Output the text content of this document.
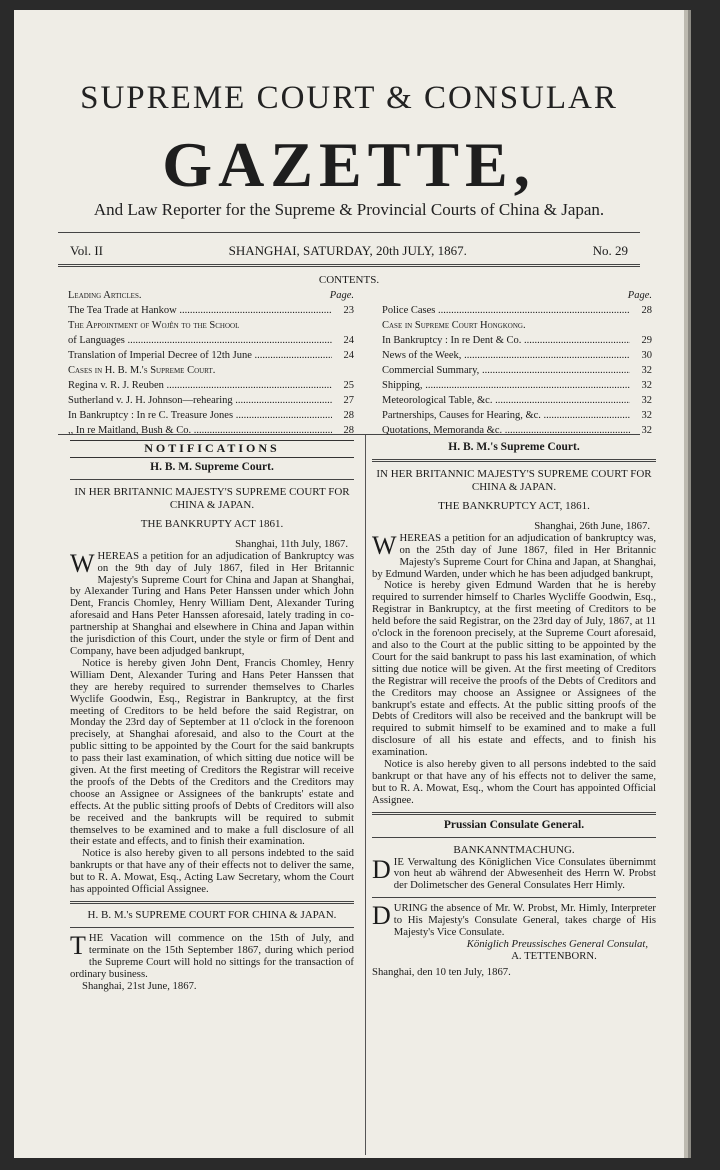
SUPREME COURT & CONSULAR
GAZETTE,
And Law Reporter for the Supreme & Provincial Courts of China & Japan.
Vol. II	SHANGHAI, SATURDAY, 20th JULY, 1867.	No. 29
CONTENTS.
Leading Articles.	Page.
The Tea Trade at Hankow .....	23
The Appointment of Wojên to the School
of Languages .....	24
Translation of Imperial Decree of 12th June .....	24
Cases in H. B. M.'s Supreme Court.
Regina v. R. J. Reuben .....	25
Sutherland v. J. H. Johnson—rehearing .....	27
In Bankruptcy : In re C. Treasure Jones .....	28
,, In re Maitland, Bush & Co. .....	28
Page.
Police Cases .....	28
Case in Supreme Court Hongkong.
In Bankruptcy : In re Dent & Co. .....	29
News of the Week, .....	30
Commercial Summary, .....	32
Shipping, .....	32
Meteorological Table, &c. .....	32
Partnerships, Causes for Hearing, &c. .....	32
Quotations, Memoranda &c. .....	32
NOTIFICATIONS
H. B. M. Supreme Court.
IN HER BRITANNIC MAJESTY'S SUPREME COURT FOR CHINA & JAPAN.
THE BANKRUPTY ACT 1861.
Shanghai, 11th July, 1867.

WHEREAS a petition for an adjudication of Bankruptcy was on the 9th day of July 1867, filed in Her Britannic Majesty's Supreme Court for China and Japan at Shanghai, by Alexander Turing and Hans Peter Hanssen under which John Dent, Francis Chomley, Henry William Dent, Alexander Turing aforesaid and Hans Peter Hanssen aforesaid, lately trading in co-partnership at Shanghai and elsewhere in China and Japan within the jurisdiction of this Court, under the style or firm of Dent and Company, have been adjudged bankrupt,

Notice is hereby given John Dent, Francis Chomley, Henry William Dent, Alexander Turing and Hans Peter Hanssen that they are hereby required to surrender themselves to Charles Wyclife Goodwin, Esq., Registrar in Bankruptcy, at the first meeting of Creditors to be held before the said Registrar, on Monday the 23rd day of September at 11 o'clock in the forenoon precisely, at Shanghai aforesaid, and also to the Court at the public sitting to be appointed by the Court for the said bankrupts to pass their last examination, of which sitting due notice will be given. At the first meeting of Creditors the Registrar will receive the proofs of the Debts of the Creditors and the Creditors may choose an Assignee or Assignees of the bankrupts' estate and effects. At the public sitting proofs of Debts of Creditors will also be received and the bankrupts will be required to submit themselves to be examined and to make a full disclosure of all their estate and effects, and to finish their examination.

Notice is also hereby given to all persons indebted to the said bankrupts or that have any of their effects not to deliver the same, but to R. A. Mowat, Esq., Acting Law Secretary, whom the Court has appointed Official Assignee.

H. B. M.'s SUPREME COURT FOR CHINA & JAPAN.

THE Vacation will commence on the 15th of July, and terminate on the 15th September 1867, during which period the Supreme Court will hold no sittings for the transaction of ordinary business.

Shanghai, 21st June, 1867.

H. B. M.'s Supreme Court.
IN HER BRITANNIC MAJESTY'S SUPREME COURT FOR CHINA & JAPAN.
THE BANKRUPTCY ACT, 1861.
Shanghai, 26th June, 1867.

WHEREAS a petition for an adjudication of bankruptcy was, on the 25th day of June 1867, filed in Her Britannic Majesty's Supreme Court for China and Japan, at Shanghai, by Edmund Warden, under which he has been adjudged bankrupt,

Notice is hereby given Edmund Warden that he is hereby required to surrender himself to Charles Wycliffe Goodwin, Esq., Registrar in Bankruptcy, at the first meeting of Creditors to be held before the said Registrar, on the 23rd day of July, 1867, at 11 o'clock in the forenoon precisely, at the Supreme Court aforesaid, and also to the Court at the public sitting to be appointed by the Court for the said bankrupt to pass his last examination, of which sitting due notice will be given. At the first meeting of Creditors the Registrar will receive the proofs of the Debts of Creditors and the Creditors may choose an Assignee or Assignees of the bankrupt's estate and effects. At the public sitting proofs of the Debts of Creditors will also be received and the bankrupt will be required to submit himself to be examined and to make a full disclosure of all his estate and effects, and to finish his examination.

Notice is also hereby given to all persons indebted to the said bankrupt or that have any of his effects not to deliver the same, but to R. A. Mowat, Esq., whom the Court has appointed Official Assignee.

Prussian Consulate General.
BANKANNTMACHUNG.

DIE Verwaltung des Königlichen Vice Consulates übernimmt von heut ab während der Abwesenheit des Herrn W. Probst der Dolimetscher des General Consulates Herr Himly.

DURING the absence of Mr. W. Probst, Mr. Himly, Interpreter to His Majesty's Consulate General, takes charge of His Majesty's Vice Consulate.

Königlich Preussisches General Consulat,
A. TETTENBORN.

Shanghai, den 10 ten July, 1867.
